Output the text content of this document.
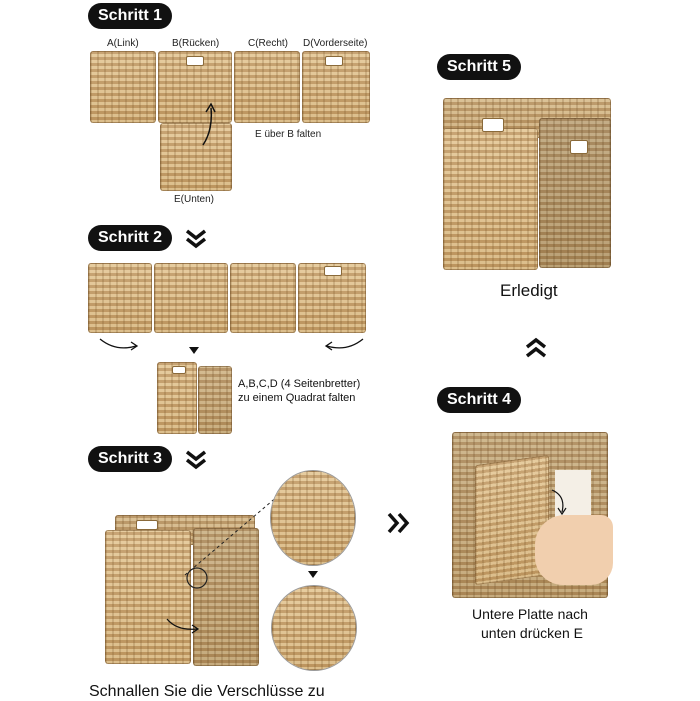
Schritt 1
A(Link)	B(Rücken)	C(Recht) D(Vorderseite)
E über B falten
E(Unten)
Schritt 2
A,B,C,D (4 Seitenbretter)
zu einem Quadrat falten
Schritt 3
Schnallen Sie die Verschlüsse zu
Schritt 4
Untere Platte nach
unten drücken E
Schritt 5
Erledigt
